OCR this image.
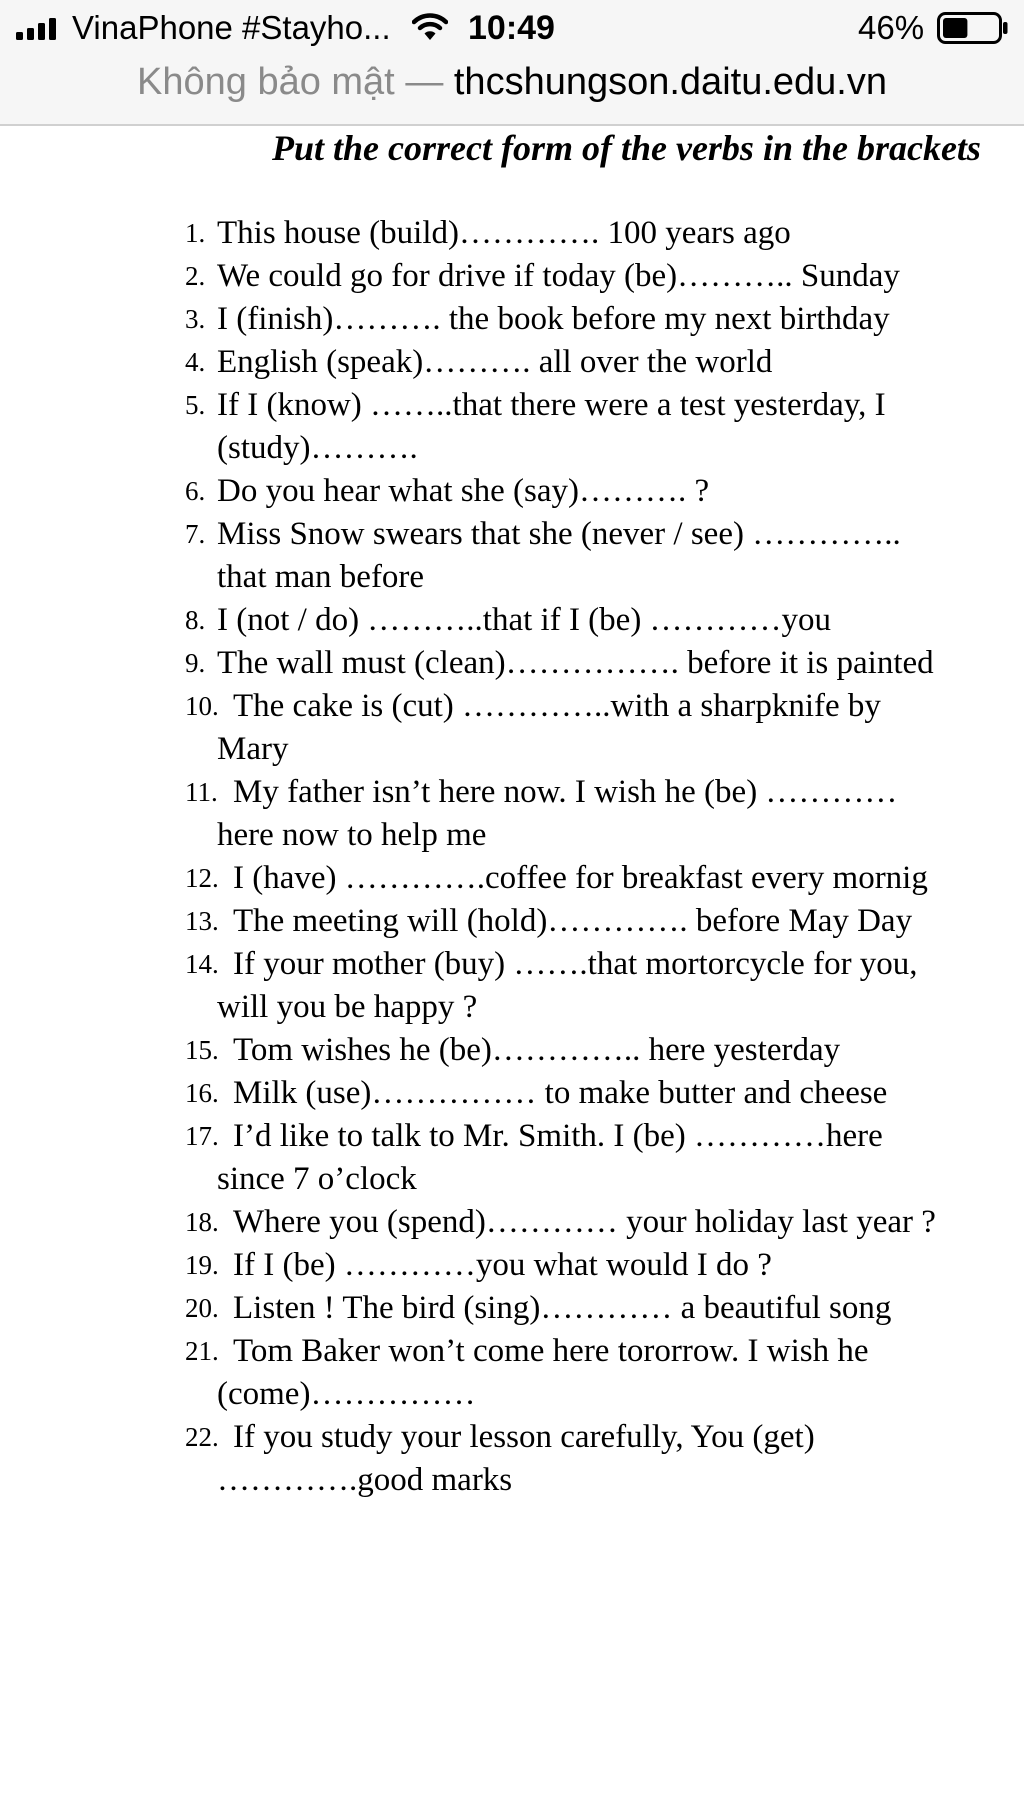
VinaPhone #Stayho... 10:49	46%
Không bảo mật — thcshungson.daitu.edu.vn
Put the correct form of the verbs in the brackets
1. This house (build)…………. 100 years ago
2. We could go for drive if today (be)……….. Sunday
3. I (finish)………. the book before my next birthday
4. English (speak)………. all over the world
5. If I (know) ……..that there were a test yesterday, I (study)……….
6. Do you hear what she (say)………. ?
7. Miss Snow swears that she (never / see) ………….. that man before
8. I (not / do) ………..that if I (be) …………you
9. The wall must (clean)……………. before it is painted
10. The cake is (cut) …………..with a sharpknife by Mary
11. My father isn’t here now. I wish he (be) …………here now to help me
12. I (have) ………….coffee for breakfast every mornig
13. The meeting will (hold)…………. before May Day
14. If your mother (buy) …….that mortorcycle for you, will you be happy ?
15. Tom wishes he (be)………….. here yesterday
16. Milk (use)…………… to make butter and cheese
17. I’d like to talk to Mr. Smith. I (be) …………here since 7 o’clock
18. Where you (spend)………… your holiday last year ?
19. If I (be) …………you what would I do ?
20. Listen ! The bird (sing)………… a beautiful song
21. Tom Baker won’t come here tororrow. I wish he (come)……………
22. If you study your lesson carefully, You (get) ………….good marks
